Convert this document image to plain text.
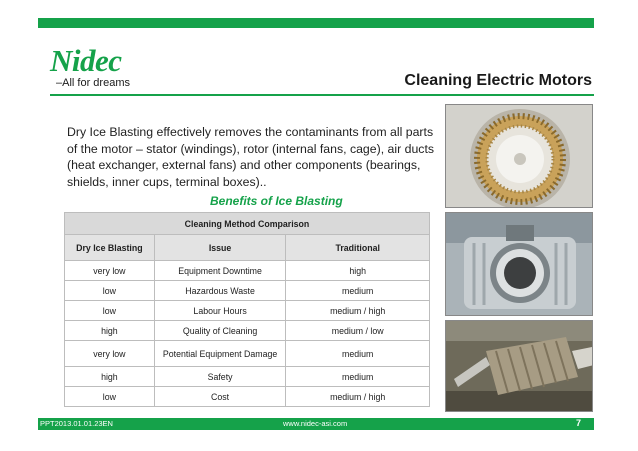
Nidec
–All for dreams	Cleaning Electric Motors

Dry Ice Blasting effectively removes the contaminants from all parts of the motor – stator (windings), rotor (internal fans, cage), air ducts (heat exchanger, external fans) and other components (bearings, shields, inner cups, terminal boxes)..

Benefits of Ice Blasting
Cleaning Method Comparison		
Dry Ice Blasting	Issue	Traditional
very low	Equipment Downtime	high
low	Hazardous Waste	medium
low	Labour Hours	medium / high
high	Quality of Cleaning	medium / low
very low	Potential Equipment Damage	medium
high	Safety	medium
low	Cost	medium / high
PPT2013.01.01.23EN	www.nidec-asi.com	7
